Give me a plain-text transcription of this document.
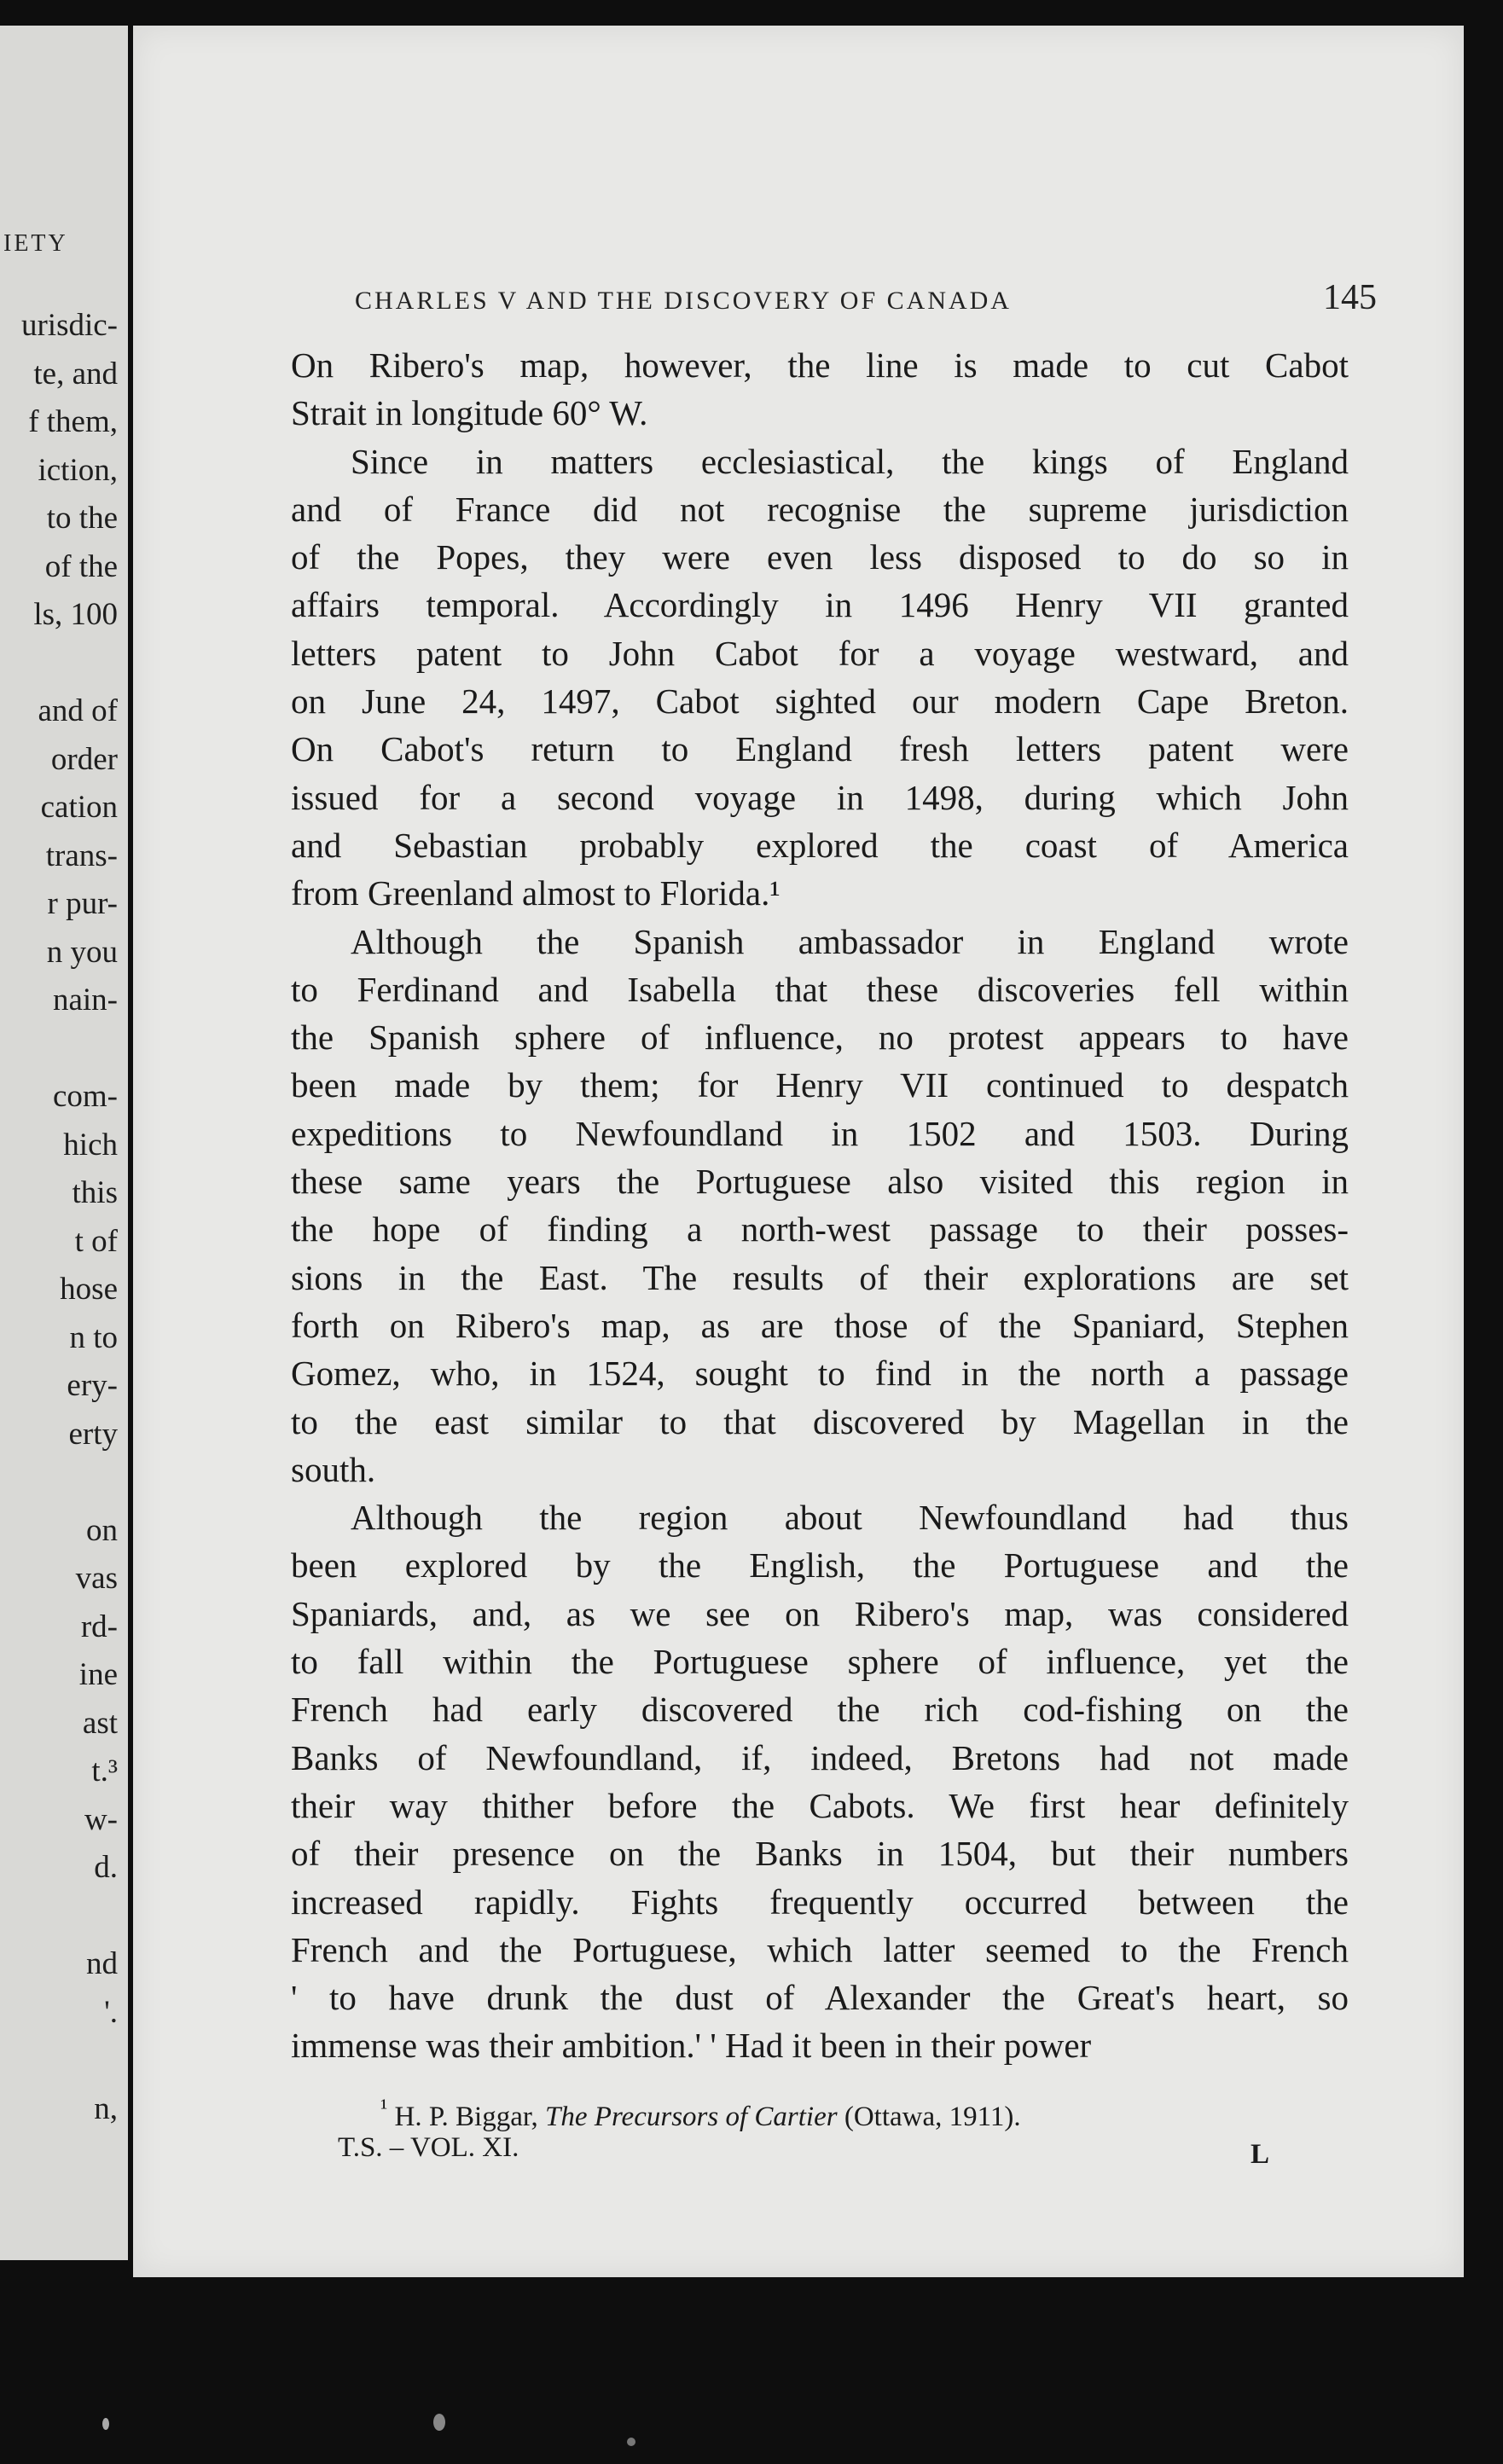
IETY
urisdic-
te, and
f them,
iction,
to the
of the
ls, 100
and of
order
cation
trans-
r pur-
n you
nain-
com-
hich
this
t of
hose
n to
ery-
erty
on
vas
rd-
ine
ast
t.³
w-
d.
nd
'.
n,
CHARLES V AND THE DISCOVERY OF CANADA	145

On Ribero's map, however, the line is made to cut Cabot
Strait in longitude 60° W.

Since in matters ecclesiastical, the kings of England
and of France did not recognise the supreme jurisdiction
of the Popes, they were even less disposed to do so in
affairs temporal. Accordingly in 1496 Henry VII granted
letters patent to John Cabot for a voyage westward, and
on June 24, 1497, Cabot sighted our modern Cape Breton.
On Cabot's return to England fresh letters patent were
issued for a second voyage in 1498, during which John
and Sebastian probably explored the coast of America
from Greenland almost to Florida.¹

Although the Spanish ambassador in England wrote
to Ferdinand and Isabella that these discoveries fell within
the Spanish sphere of influence, no protest appears to have
been made by them; for Henry VII continued to despatch
expeditions to Newfoundland in 1502 and 1503. During
these same years the Portuguese also visited this region in
the hope of finding a north-west passage to their posses-
sions in the East. The results of their explorations are set
forth on Ribero's map, as are those of the Spaniard, Stephen
Gomez, who, in 1524, sought to find in the north a passage
to the east similar to that discovered by Magellan in the
south.

Although the region about Newfoundland had thus
been explored by the English, the Portuguese and the
Spaniards, and, as we see on Ribero's map, was considered
to fall within the Portuguese sphere of influence, yet the
French had early discovered the rich cod-fishing on the
Banks of Newfoundland, if, indeed, Bretons had not made
their way thither before the Cabots. We first hear definitely
of their presence on the Banks in 1504, but their numbers
increased rapidly. Fights frequently occurred between the
French and the Portuguese, which latter seemed to the French
' to have drunk the dust of Alexander the Great's heart, so
immense was their ambition.' ' Had it been in their power

$^{^1}$ H. P. Biggar, The Precursors of Cartier (Ottawa, 1911).
T.S. – VOL. XI.	L
